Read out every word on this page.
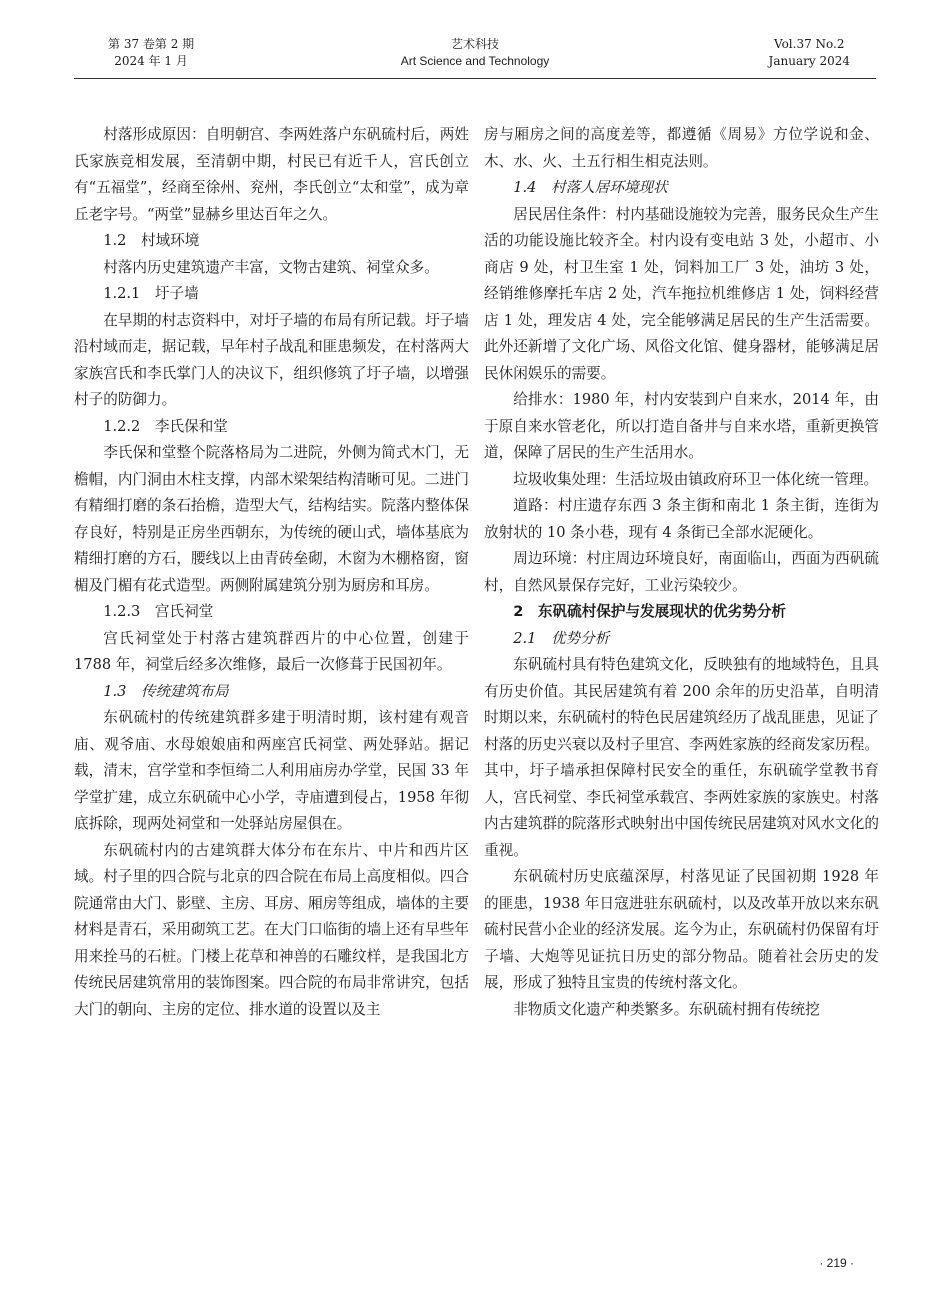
第 37 卷第 2 期
2024 年 1 月
艺术科技
Art Science and Technology
Vol.37 No.2
January 2024

村落形成原因：自明朝宫、李两姓落户东矾硫村后，两姓氏家族竞相发展，至清朝中期，村民已有近千人，宫氏创立有“五福堂”，经商至徐州、兖州，李氏创立“太和堂”，成为章丘老字号。“两堂”显赫乡里达百年之久。

1.2　村域环境

村落内历史建筑遗产丰富，文物古建筑、祠堂众多。

1.2.1　圩子墙

在早期的村志资料中，对圩子墙的布局有所记载。圩子墙沿村域而走，据记载，早年村子战乱和匪患频发，在村落两大家族宫氏和李氏掌门人的决议下，组织修筑了圩子墙，以增强村子的防御力。

1.2.2　李氏保和堂

李氏保和堂整个院落格局为二进院，外侧为简式木门，无檐帽，内门洞由木柱支撑，内部木梁架结构清晰可见。二进门有精细打磨的条石抬檐，造型大气，结构结实。院落内整体保存良好，特别是正房坐西朝东，为传统的硬山式，墙体基底为精细打磨的方石，腰线以上由青砖垒砌，木窗为木棚格窗，窗楣及门楣有花式造型。两侧附属建筑分别为厨房和耳房。

1.2.3　宫氏祠堂

宫氏祠堂处于村落古建筑群西片的中心位置，创建于 1788 年，祠堂后经多次维修，最后一次修葺于民国初年。

1.3　传统建筑布局

东矾硫村的传统建筑群多建于明清时期，该村建有观音庙、观爷庙、水母娘娘庙和两座宫氏祠堂、两处驿站。据记载，清末，宫学堂和李恒绮二人利用庙房办学堂，民国 33 年学堂扩建，成立东矾硫中心小学，寺庙遭到侵占，1958 年彻底拆除，现两处祠堂和一处驿站房屋俱在。

东矾硫村内的古建筑群大体分布在东片、中片和西片区域。村子里的四合院与北京的四合院在布局上高度相似。四合院通常由大门、影壁、主房、耳房、厢房等组成，墙体的主要材料是青石，采用砌筑工艺。在大门口临街的墙上还有早些年用来拴马的石桩。门楼上花草和神兽的石雕纹样，是我国北方传统民居建筑常用的装饰图案。四合院的布局非常讲究，包括大门的朝向、主房的定位、排水道的设置以及主

房与厢房之间的高度差等，都遵循《周易》方位学说和金、木、水、火、土五行相生相克法则。

1.4　村落人居环境现状

居民居住条件：村内基础设施较为完善，服务民众生产生活的功能设施比较齐全。村内设有变电站 3 处，小超市、小商店 9 处，村卫生室 1 处，饲料加工厂 3 处，油坊 3 处，经销维修摩托车店 2 处，汽车拖拉机维修店 1 处，饲料经营店 1 处，理发店 4 处，完全能够满足居民的生产生活需要。此外还新增了文化广场、风俗文化馆、健身器材，能够满足居民休闲娱乐的需要。

给排水：1980 年，村内安装到户自来水，2014 年，由于原自来水管老化，所以打造自备井与自来水塔，重新更换管道，保障了居民的生产生活用水。

垃圾收集处理：生活垃圾由镇政府环卫一体化统一管理。

道路：村庄遗存东西 3 条主街和南北 1 条主街，连街为放射状的 10 条小巷，现有 4 条街已全部水泥硬化。

周边环境：村庄周边环境良好，南面临山，西面为西矾硫村，自然风景保存完好，工业污染较少。

2　东矾硫村保护与发展现状的优劣势分析
2.1　优势分析

东矾硫村具有特色建筑文化，反映独有的地域特色，且具有历史价值。其民居建筑有着 200 余年的历史沿革，自明清时期以来，东矾硫村的特色民居建筑经历了战乱匪患，见证了村落的历史兴衰以及村子里宫、李两姓家族的经商发家历程。其中，圩子墙承担保障村民安全的重任，东矾硫学堂教书育人，宫氏祠堂、李氏祠堂承载宫、李两姓家族的家族史。村落内古建筑群的院落形式映射出中国传统民居建筑对风水文化的重视。

东矾硫村历史底蕴深厚，村落见证了民国初期 1928 年的匪患，1938 年日寇进驻东矾硫村，以及改革开放以来东矾硫村民营小企业的经济发展。迄今为止，东矾硫村仍保留有圩子墙、大炮等见证抗日历史的部分物品。随着社会历史的发展，形成了独特且宝贵的传统村落文化。

非物质文化遗产种类繁多。东矾硫村拥有传统挖

· 219 ·
